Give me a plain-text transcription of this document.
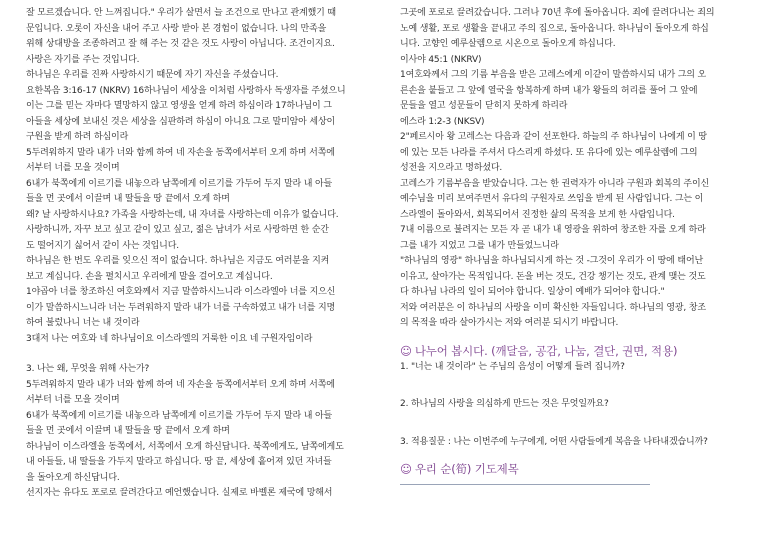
잘 모르겠습니다. 안 느껴집니다." 우리가 살면서 늘 조건으로 만나고 관계했기 때

문입니다. 오롯이 자신을 내어 주고 사랑 받아 본 경험이 없습니다. 나의 만족을

위해 상대방을 조종하려고 잘 해 주는 것 같은 것도 사랑이 아닙니다. 조건이지요.

사랑은 자기를 주는 것입니다.

하나님은 우리를 진짜 사랑하시기 때문에 자기 자신을 주셨습니다.

요한복음 3:16-17 (NKRV) 16하나님이 세상을 이처럼 사랑하사 독생자를 주셨으니

이는 그를 믿는 자마다 멸망하지 않고 영생을 얻게 하려 하심이라 17하나님이 그

아들을 세상에 보내신 것은 세상을 심판하려 하심이 아니요 그로 말미암아 세상이

구원을 받게 하려 하심이라

5두려워하지 말라 내가 너와 함께 하여 네 자손을 동쪽에서부터 오게 하며 서쪽에

서부터 너를 모을 것이며

6내가 북쪽에게 이르기를 내놓으라 남쪽에게 이르기를 가두어 두지 말라 내 아들

들을 먼 곳에서 이끌며 내 딸들을 땅 끝에서 오게 하며

왜? 날 사랑하시나요? 가족을 사랑하는데, 내 자녀를 사랑하는데 이유가 없습니다.

사랑하니까, 자꾸 보고 싶고 같이 있고 싶고, 젊은 남녀가 서로 사랑하면 한 순간

도 떨어지기 싫어서 같이 사는 것입니다.

하나님은 한 번도 우리를 잊으신 적이 없습니다. 하나님은 지금도 여러분을 지켜

보고 계십니다. 손을 펼치시고 우리에게 말을 걸어오고 계십니다.

1야곱아 너를 창조하신 여호와께서 지금 말씀하시느니라 이스라엘아 너를 지으신

이가 말씀하시느니라 너는 두려워하지 말라 내가 너를 구속하였고 내가 너를 지명

하여 불렀나니 너는 내 것이라

3대저 나는 여호와 네 하나님이요 이스라엘의 거룩한 이요 네 구원자임이라

3. 나는 왜, 무엇을 위해 사는가?

5두려워하지 말라 내가 너와 함께 하여 네 자손을 동쪽에서부터 오게 하며 서쪽에

서부터 너를 모을 것이며

6내가 북쪽에게 이르기를 내놓으라 남쪽에게 이르기를 가두어 두지 말라 내 아들

들을 먼 곳에서 이끌며 내 딸들을 땅 끝에서 오게 하며

하나님이 이스라엘을 동쪽에서, 서쪽에서 오게 하신답니다. 북쪽에게도, 남쪽에게도

내 아들들, 내 딸들을 가두지 말라고 하십니다. 땅 끝, 세상에 흩어져 있던 자녀들

을 돌아오게 하신답니다.

선지자는 유다도 포로로 끌려간다고 예언했습니다. 실제로 바벨론 제국에 망해서

그곳에 포로로 끌려갔습니다. 그러나 70년 후에 돌아옵니다. 죄에 끌려다니는 죄의

노예 생활, 포로 생활을 끝내고 주의 집으로, 돌아옵니다. 하나님이 돌아오게 하십

니다. 고향인 예루살렘으로 시온으로 돌아오게 하십니다.

이사야 45:1 (NKRV)

1여호와께서 그의 기름 부음을 받은 고레스에게 이같이 말씀하시되 내가 그의 오

른손을 붙들고 그 앞에 열국을 항복하게 하며 내가 왕들의 허리를 풀어 그 앞에

문들을 열고 성문들이 닫히지 못하게 하리라

에스라 1:2-3 (NKSV)

2"페르시아 왕 고레스는 다음과 같이 선포한다. 하늘의 주 하나님이 나에게 이 땅

에 있는 모든 나라를 주셔서 다스리게 하셨다. 또 유다에 있는 예루살렘에 그의

성전을 지으라고 명하셨다.

고레스가 기름부음을 받았습니다. 그는 한 권력자가 아니라 구원과 회복의 주이신

예수님을 미리 보여주면서 유다의 구원자로 쓰임을 받게 된 사람입니다. 그는 이

스라엘이 돌아와서, 회복되어서 진정한 삶의 목적을 보게 한 사람입니다.

7내 이름으로 불려지는 모든 자 곧 내가 내 영광을 위하여 창조한 자를 오게 하라

그를 내가 지었고 그를 내가 만들었느니라

"하나님의 영광" 하나님을 하나님되시게 하는 것 -그것이 우리가 이 땅에 태어난

이유고, 살아가는 목적입니다. 돈을 버는 것도, 건강 챙기는 것도, 관계 맺는 것도

다 하나님 나라의 일이 되어야 합니다. 일상이 예배가 되어야 합니다."

저와 여러분은 이 하나님의 사랑을 이미 확신한 자들입니다. 하나님의 영광, 창조

의 목적을 따라 살아가시는 저와 여러분 되시기 바랍니다.

☺ 나누어 봅시다. (깨달음, 공감, 나눔, 결단, 권면, 적용)

1. "너는 내 것이라" 는 주님의 음성이 어떻게 들려 집니까?

2. 하나님의 사랑을 의심하게 만드는 것은 무엇일까요?

3. 적용질문 : 나는 이번주에 누구에게, 어떤 사람들에게 복음을 나타내겠습니까?

☺ 우리 순(筍) 기도제목
